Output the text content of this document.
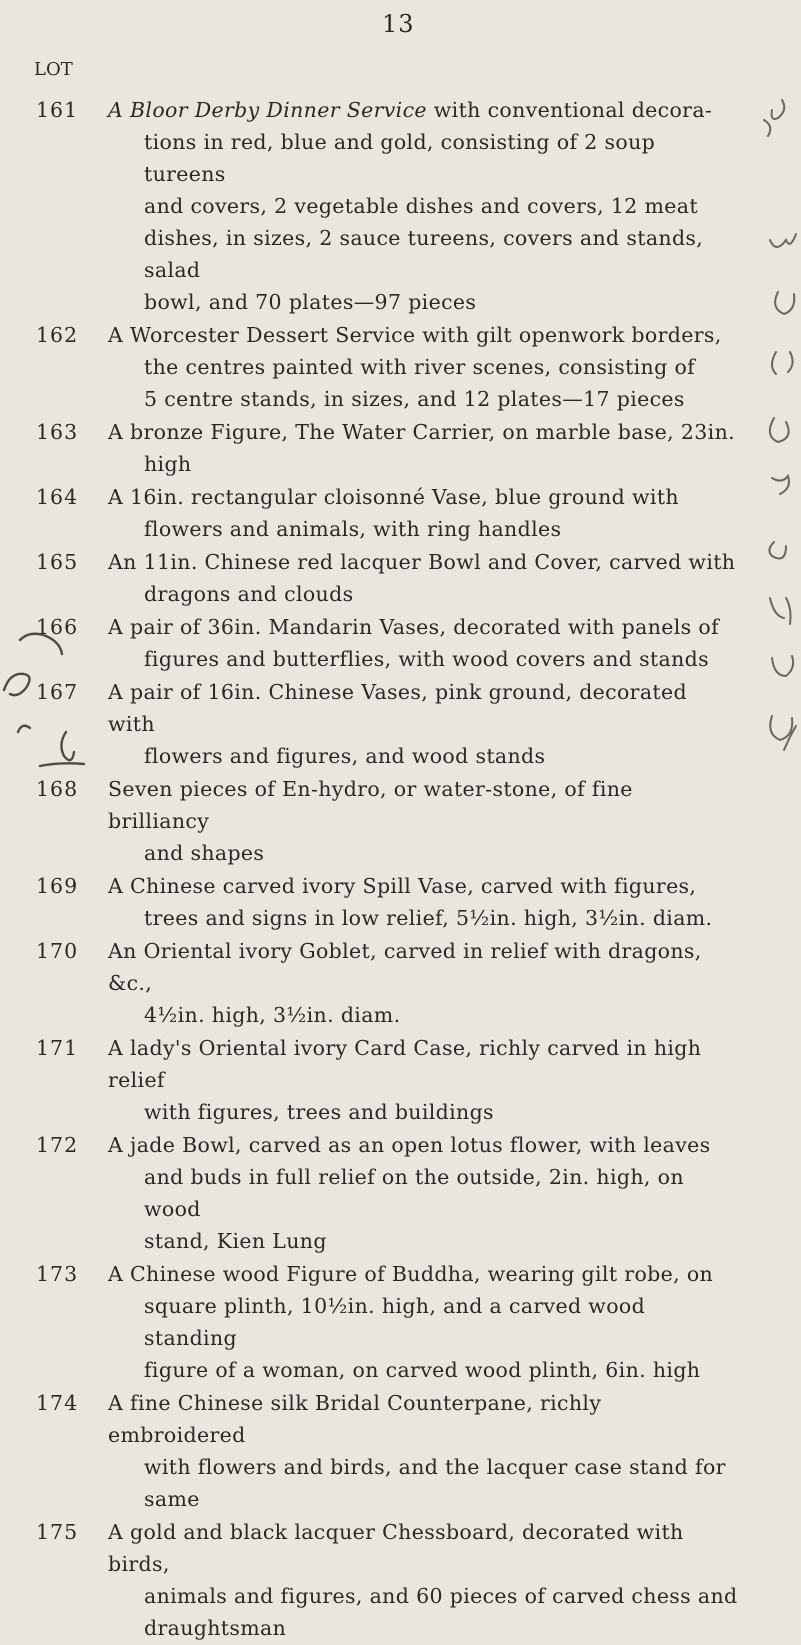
13
LOT
161	A Bloor Derby Dinner Service with conventional decora-

tions in red, blue and gold, consisting of 2 soup tureens

and covers, 2 vegetable dishes and covers, 12 meat

dishes, in sizes, 2 sauce tureens, covers and stands, salad

bowl, and 70 plates—97 pieces

162	A Worcester Dessert Service with gilt openwork borders,

the centres painted with river scenes, consisting of

5 centre stands, in sizes, and 12 plates—17 pieces

163	A bronze Figure, The Water Carrier, on marble base, 23in.

high

164	A 16in. rectangular cloisonné Vase, blue ground with

flowers and animals, with ring handles

165	An 11in. Chinese red lacquer Bowl and Cover, carved with

dragons and clouds

166	A pair of 36in. Mandarin Vases, decorated with panels of

figures and butterflies, with wood covers and stands

167	A pair of 16in. Chinese Vases, pink ground, decorated with

flowers and figures, and wood stands

168	Seven pieces of En-hydro, or water-stone, of fine brilliancy

and shapes

169	A Chinese carved ivory Spill Vase, carved with figures,

trees and signs in low relief, 5½in. high, 3½in. diam.

170	An Oriental ivory Goblet, carved in relief with dragons, &c.,

4½in. high, 3½in. diam.

171	A lady's Oriental ivory Card Case, richly carved in high relief

with figures, trees and buildings

172	A jade Bowl, carved as an open lotus flower, with leaves

and buds in full relief on the outside, 2in. high, on wood

stand, Kien Lung

173	A Chinese wood Figure of Buddha, wearing gilt robe, on

square plinth, 10½in. high, and a carved wood standing

figure of a woman, on carved wood plinth, 6in. high

174	A fine Chinese silk Bridal Counterpane, richly embroidered

with flowers and birds, and the lacquer case stand for

same

175	A gold and black lacquer Chessboard, decorated with birds,

animals and figures, and 60 pieces of carved chess and

draughtsman
